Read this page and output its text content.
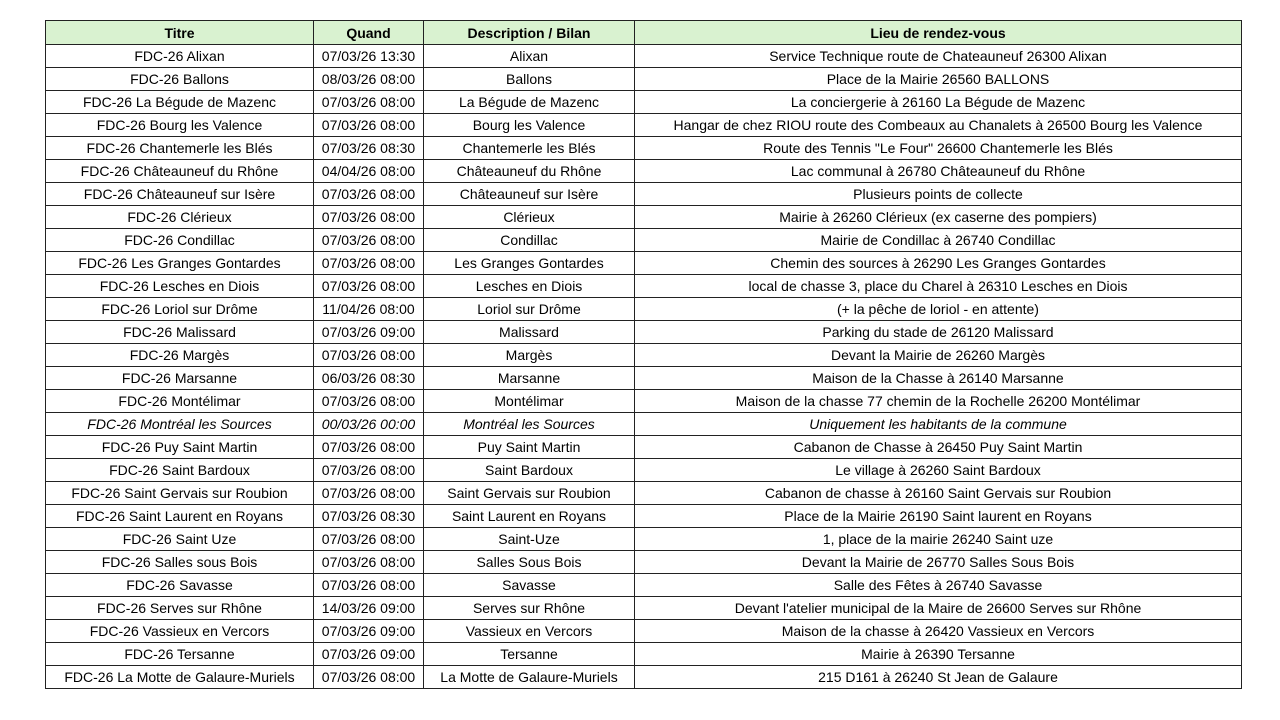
Titre	Quand	Description / Bilan	Lieu de rendez-vous
FDC-26 Alixan	07/03/26 13:30	Alixan	Service Technique route de Chateauneuf 26300 Alixan
FDC-26 Ballons	08/03/26 08:00	Ballons	Place de la Mairie 26560 BALLONS
FDC-26 La Bégude de Mazenc	07/03/26 08:00	La Bégude de Mazenc	La conciergerie à 26160 La Bégude de Mazenc
FDC-26 Bourg les Valence	07/03/26 08:00	Bourg les Valence	Hangar de chez RIOU route des Combeaux au Chanalets à 26500 Bourg les Valence
FDC-26 Chantemerle les Blés	07/03/26 08:30	Chantemerle les Blés	Route des Tennis "Le Four" 26600 Chantemerle les Blés
FDC-26 Châteauneuf du Rhône	04/04/26 08:00	Châteauneuf du Rhône	Lac communal à 26780 Châteauneuf du Rhône
FDC-26 Châteauneuf sur Isère	07/03/26 08:00	Châteauneuf sur Isère	Plusieurs points de collecte
FDC-26 Clérieux	07/03/26 08:00	Clérieux	Mairie à 26260 Clérieux (ex caserne des pompiers)
FDC-26 Condillac	07/03/26 08:00	Condillac	Mairie de Condillac à 26740 Condillac
FDC-26 Les Granges Gontardes	07/03/26 08:00	Les Granges Gontardes	Chemin des sources à 26290 Les Granges Gontardes
FDC-26 Lesches en Diois	07/03/26 08:00	Lesches en Diois	local de chasse 3, place du Charel à 26310 Lesches en Diois
FDC-26 Loriol sur Drôme	11/04/26 08:00	Loriol sur Drôme	(+ la pêche de loriol - en attente)
FDC-26 Malissard	07/03/26 09:00	Malissard	Parking du stade de 26120 Malissard
FDC-26 Margès	07/03/26 08:00	Margès	Devant la Mairie de 26260 Margès
FDC-26 Marsanne	06/03/26 08:30	Marsanne	Maison de la Chasse à 26140 Marsanne
FDC-26 Montélimar	07/03/26 08:00	Montélimar	Maison de la chasse 77 chemin de la Rochelle 26200 Montélimar
FDC-26 Montréal les Sources	00/03/26 00:00	Montréal les Sources	Uniquement les habitants de la commune
FDC-26 Puy Saint Martin	07/03/26 08:00	Puy Saint Martin	Cabanon de Chasse à 26450 Puy Saint Martin
FDC-26 Saint Bardoux	07/03/26 08:00	Saint Bardoux	Le village à 26260 Saint Bardoux
FDC-26 Saint Gervais sur Roubion	07/03/26 08:00	Saint Gervais sur Roubion	Cabanon de chasse à 26160 Saint Gervais sur Roubion
FDC-26 Saint Laurent en Royans	07/03/26 08:30	Saint Laurent en Royans	Place de la Mairie 26190 Saint laurent en Royans
FDC-26 Saint Uze	07/03/26 08:00	Saint-Uze	1, place de la mairie 26240 Saint uze
FDC-26 Salles sous Bois	07/03/26 08:00	Salles Sous Bois	Devant la Mairie de 26770 Salles Sous Bois
FDC-26 Savasse	07/03/26 08:00	Savasse	Salle des Fêtes à 26740 Savasse
FDC-26 Serves sur Rhône	14/03/26 09:00	Serves sur Rhône	Devant l'atelier municipal de la Maire de 26600 Serves sur Rhône
FDC-26 Vassieux en Vercors	07/03/26 09:00	Vassieux en Vercors	Maison de la chasse à 26420 Vassieux en Vercors
FDC-26 Tersanne	07/03/26 09:00	Tersanne	Mairie à 26390 Tersanne
FDC-26 La Motte de Galaure-Muriels	07/03/26 08:00	La Motte de Galaure-Muriels	215 D161 à 26240 St Jean de Galaure
